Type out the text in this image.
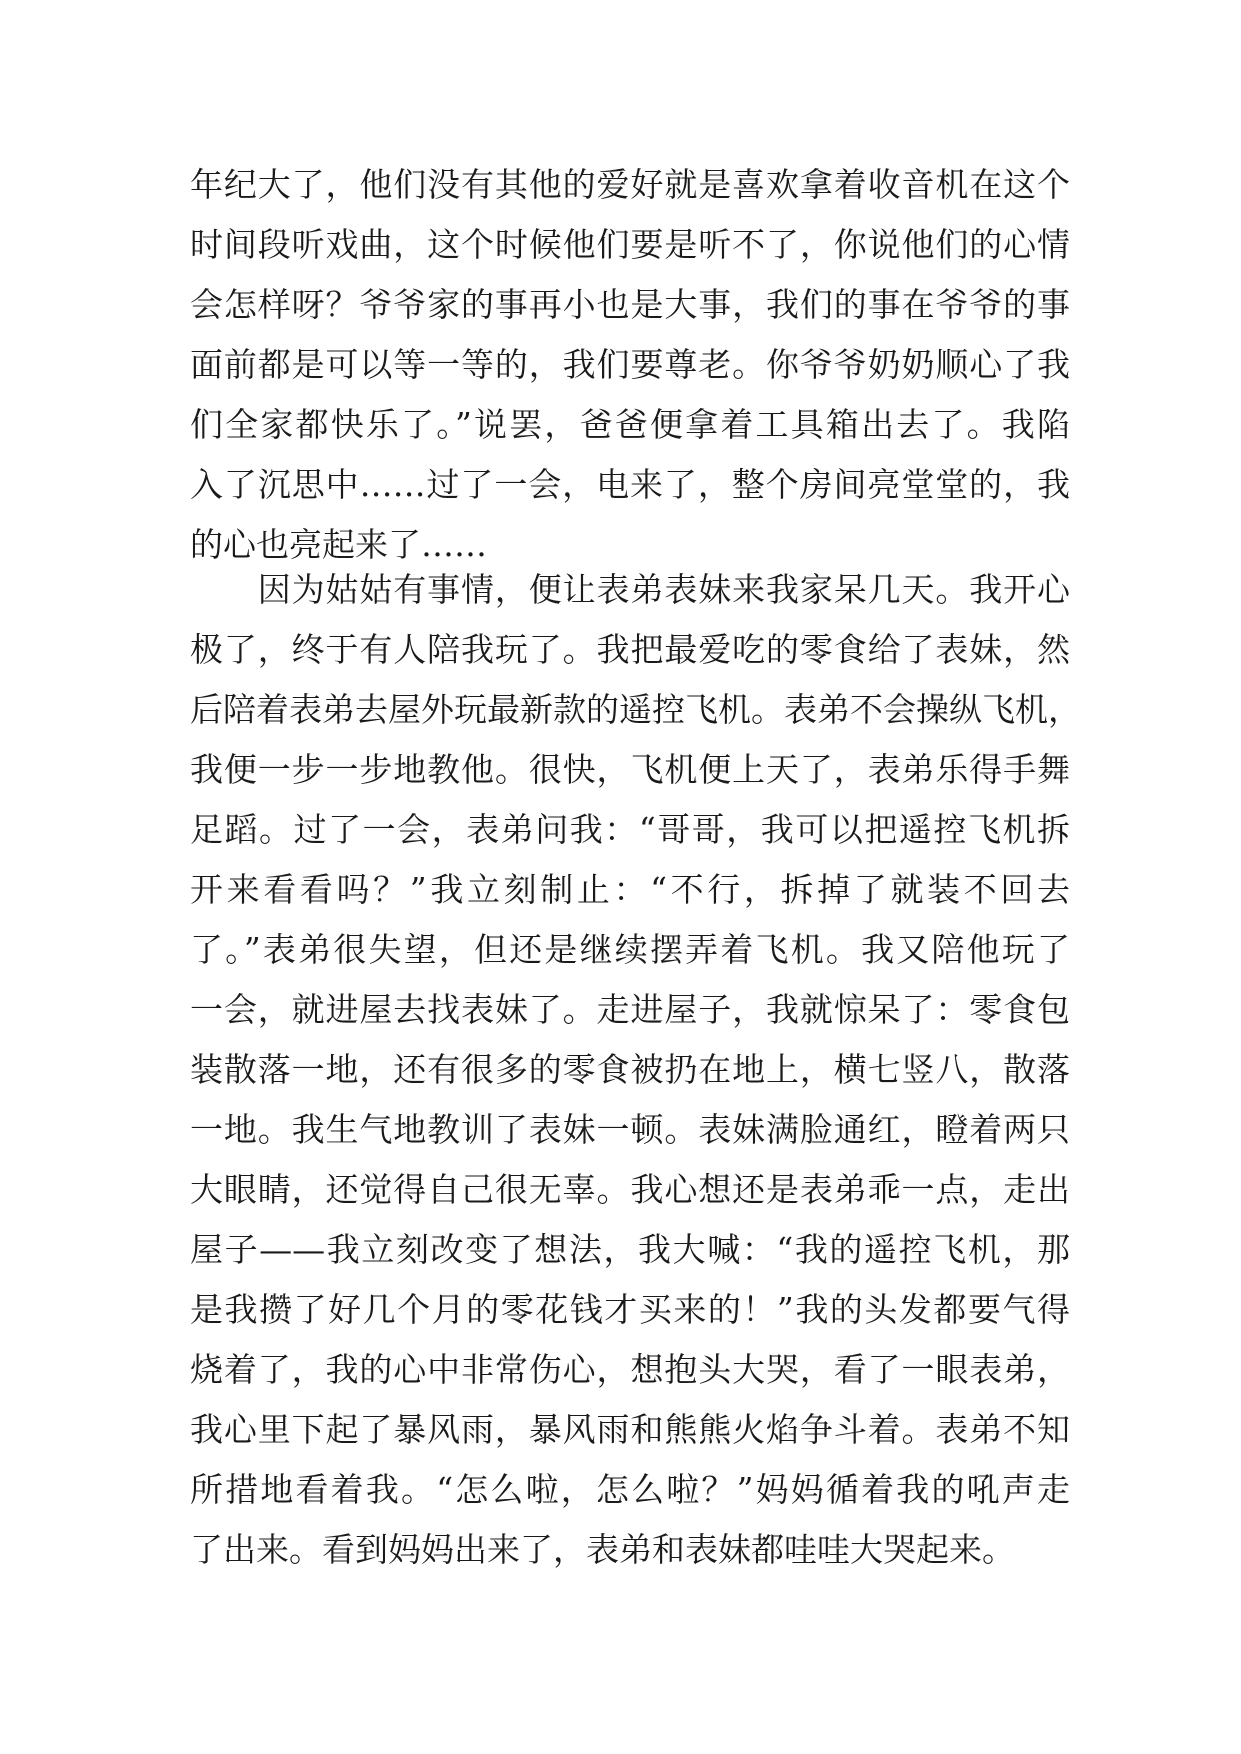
年纪大了，他们没有其他的爱好就是喜欢拿着收音机在这个
时间段听戏曲，这个时候他们要是听不了，你说他们的心情
会怎样呀？爷爷家的事再小也是大事，我们的事在爷爷的事
面前都是可以等一等的，我们要尊老。你爷爷奶奶顺心了我
们全家都快乐了。”说罢，爸爸便拿着工具箱出去了。我陷
入了沉思中……过了一会，电来了，整个房间亮堂堂的，我
的心也亮起来了……
　　因为姑姑有事情，便让表弟表妹来我家呆几天。我开心
极了，终于有人陪我玩了。我把最爱吃的零食给了表妹，然
后陪着表弟去屋外玩最新款的遥控飞机。表弟不会操纵飞机，
我便一步一步地教他。很快，飞机便上天了，表弟乐得手舞
足蹈。过了一会，表弟问我：“哥哥，我可以把遥控飞机拆
开来看看吗？”我立刻制止：“不行，拆掉了就装不回去
了。”表弟很失望，但还是继续摆弄着飞机。我又陪他玩了
一会，就进屋去找表妹了。走进屋子，我就惊呆了：零食包
装散落一地，还有很多的零食被扔在地上，横七竖八，散落
一地。我生气地教训了表妹一顿。表妹满脸通红，瞪着两只
大眼睛，还觉得自己很无辜。我心想还是表弟乖一点，走出
屋子——我立刻改变了想法，我大喊：“我的遥控飞机，那
是我攒了好几个月的零花钱才买来的！”我的头发都要气得
烧着了，我的心中非常伤心，想抱头大哭，看了一眼表弟，
我心里下起了暴风雨，暴风雨和熊熊火焰争斗着。表弟不知
所措地看着我。“怎么啦，怎么啦？”妈妈循着我的吼声走
了出来。看到妈妈出来了，表弟和表妹都哇哇大哭起来。
